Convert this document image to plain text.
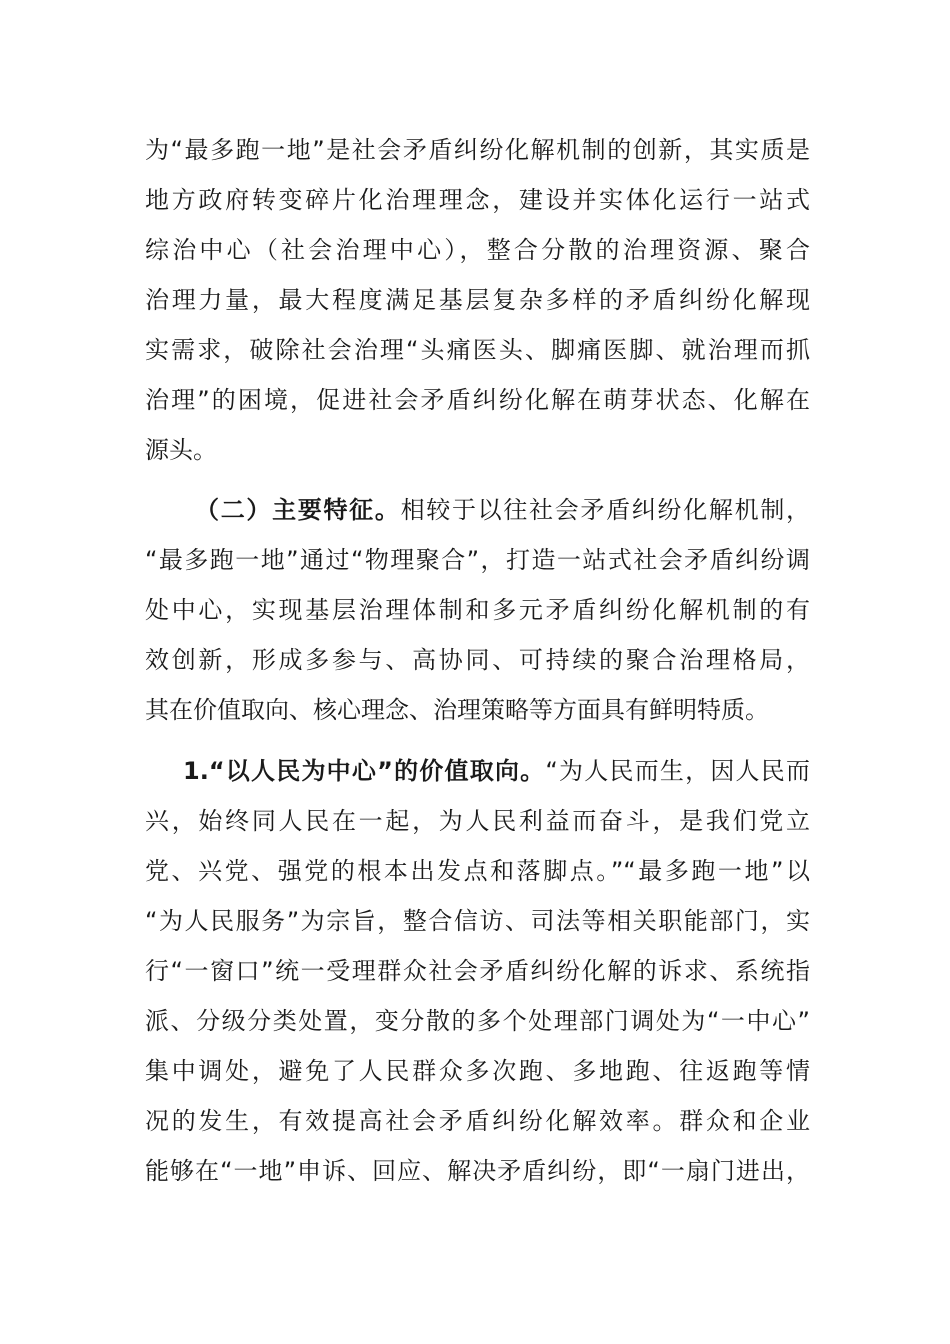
为“最多跑一地”是社会矛盾纠纷化解机制的创新，其实质是
地方政府转变碎片化治理理念，建设并实体化运行一站式
综治中心（社会治理中心），整合分散的治理资源、聚合
治理力量，最大程度满足基层复杂多样的矛盾纠纷化解现
实需求，破除社会治理“头痛医头、脚痛医脚、就治理而抓
治理”的困境，促进社会矛盾纠纷化解在萌芽状态、化解在
源头。
（二）主要特征。相较于以往社会矛盾纠纷化解机制，
“最多跑一地”通过“物理聚合”，打造一站式社会矛盾纠纷调
处中心，实现基层治理体制和多元矛盾纠纷化解机制的有
效创新，形成多参与、高协同、可持续的聚合治理格局，
其在价值取向、核心理念、治理策略等方面具有鲜明特质。
1.“以人民为中心”的价值取向。“为人民而生，因人民而
兴，始终同人民在一起，为人民利益而奋斗，是我们党立
党、兴党、强党的根本出发点和落脚点。”“最多跑一地”以
“为人民服务”为宗旨，整合信访、司法等相关职能部门，实
行“一窗口”统一受理群众社会矛盾纠纷化解的诉求、系统指
派、分级分类处置，变分散的多个处理部门调处为“一中心”
集中调处，避免了人民群众多次跑、多地跑、往返跑等情
况的发生，有效提高社会矛盾纠纷化解效率。群众和企业
能够在“一地”申诉、回应、解决矛盾纠纷，即“一扇门进出，
